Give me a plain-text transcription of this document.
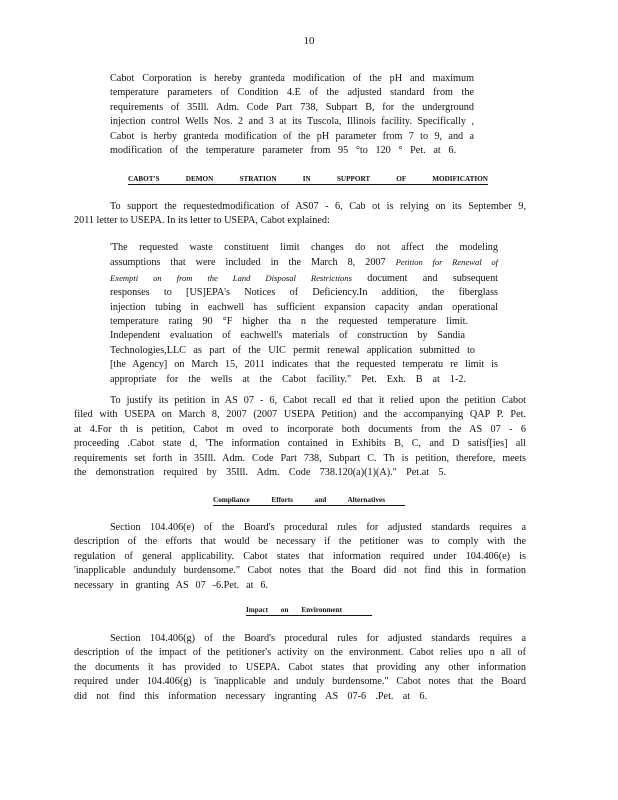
10

Cabot Corporation is hereby granteda modification of the pH and maximum

temperature parameters of Condition 4.E of the adjusted standard from the

requirements of 35Ill. Adm. Code Part 738, Subpart B, for the underground

injection control Wells Nos. 2 and 3 at its Tuscola, Illinois facility. Specifically ,

Cabot is herby granteda modification of the pH parameter from 7 to 9, and a

modification of the temperature parameter from 95 °to 120 ° Pet. at 6.

CABOT'S DEMON STRATION IN SUPPORT OF MODIFICATION

To support the requestedmodification of AS07 - 6, Cab ot is relying on its September 9,

2011 letter to USEPA. In its letter to USEPA, Cabot explained:

'The requested waste constituent limit changes do not affect the modeling

assumptions that were included in the March 8, 2007 Petition for Renewal of

Exempti on from the Land Disposal Restrictions document and subsequent

responses to [US]EPA's Notices of Deficiency.In addition, the fiberglass

injection tubing in eachwell has sufficient expansion capacity andan operational

temperature rating 90 °F higher tha n the requested temperature limit.

Independent evaluation of eachwell's materials of construction by Sandia

Technologies,LLC as part of the UIC permit renewal application submitted to

[the Agency] on March 15, 2011 indicates that the requested temperatu re limit is

appropriate for the wells at the Cabot facility." Pet. Exh. B at 1-2.

To justify its petition in AS 07 - 6, Cabot recall ed that it relied upon the petition Cabot

filed with USEPA on March 8, 2007 (2007 USEPA Petition) and the accompanying QAP P. Pet.

at 4.For th is petition, Cabot m oved to incorporate both documents from the AS 07 - 6

proceeding .Cabot state d, 'The information contained in Exhibits B, C, and D satisf[ies] all

requirements set forth in 35Ill. Adm. Code Part 738, Subpart C. Th is petition, therefore, meets

the demonstration required by 35Ill. Adm. Code 738.120(a)(1)(A)." Pet.at 5.

Compliance Efforts and Alternatives

Section 104.406(e) of the Board's procedural rules for adjusted standards requires a

description of the efforts that would be necessary if the petitioner was to comply with the

regulation of general applicability. Cabot states that information required under 104.406(e) is

'inapplicable andunduly burdensome." Cabot notes that the Board did not find this in formation

necessary in granting AS 07 -6.Pet. at 6.

Impact on Environment

Section 104.406(g) of the Board's procedural rules for adjusted standards requires a

description of the impact of the petitioner's activity on the environment. Cabot relies upo n all of

the documents it has provided to USEPA. Cabot states that providing any other information

required under 104.406(g) is 'inapplicable and unduly burdensome." Cabot notes that the Board

did not find this information necessary ingranting AS 07-6 .Pet. at 6.
